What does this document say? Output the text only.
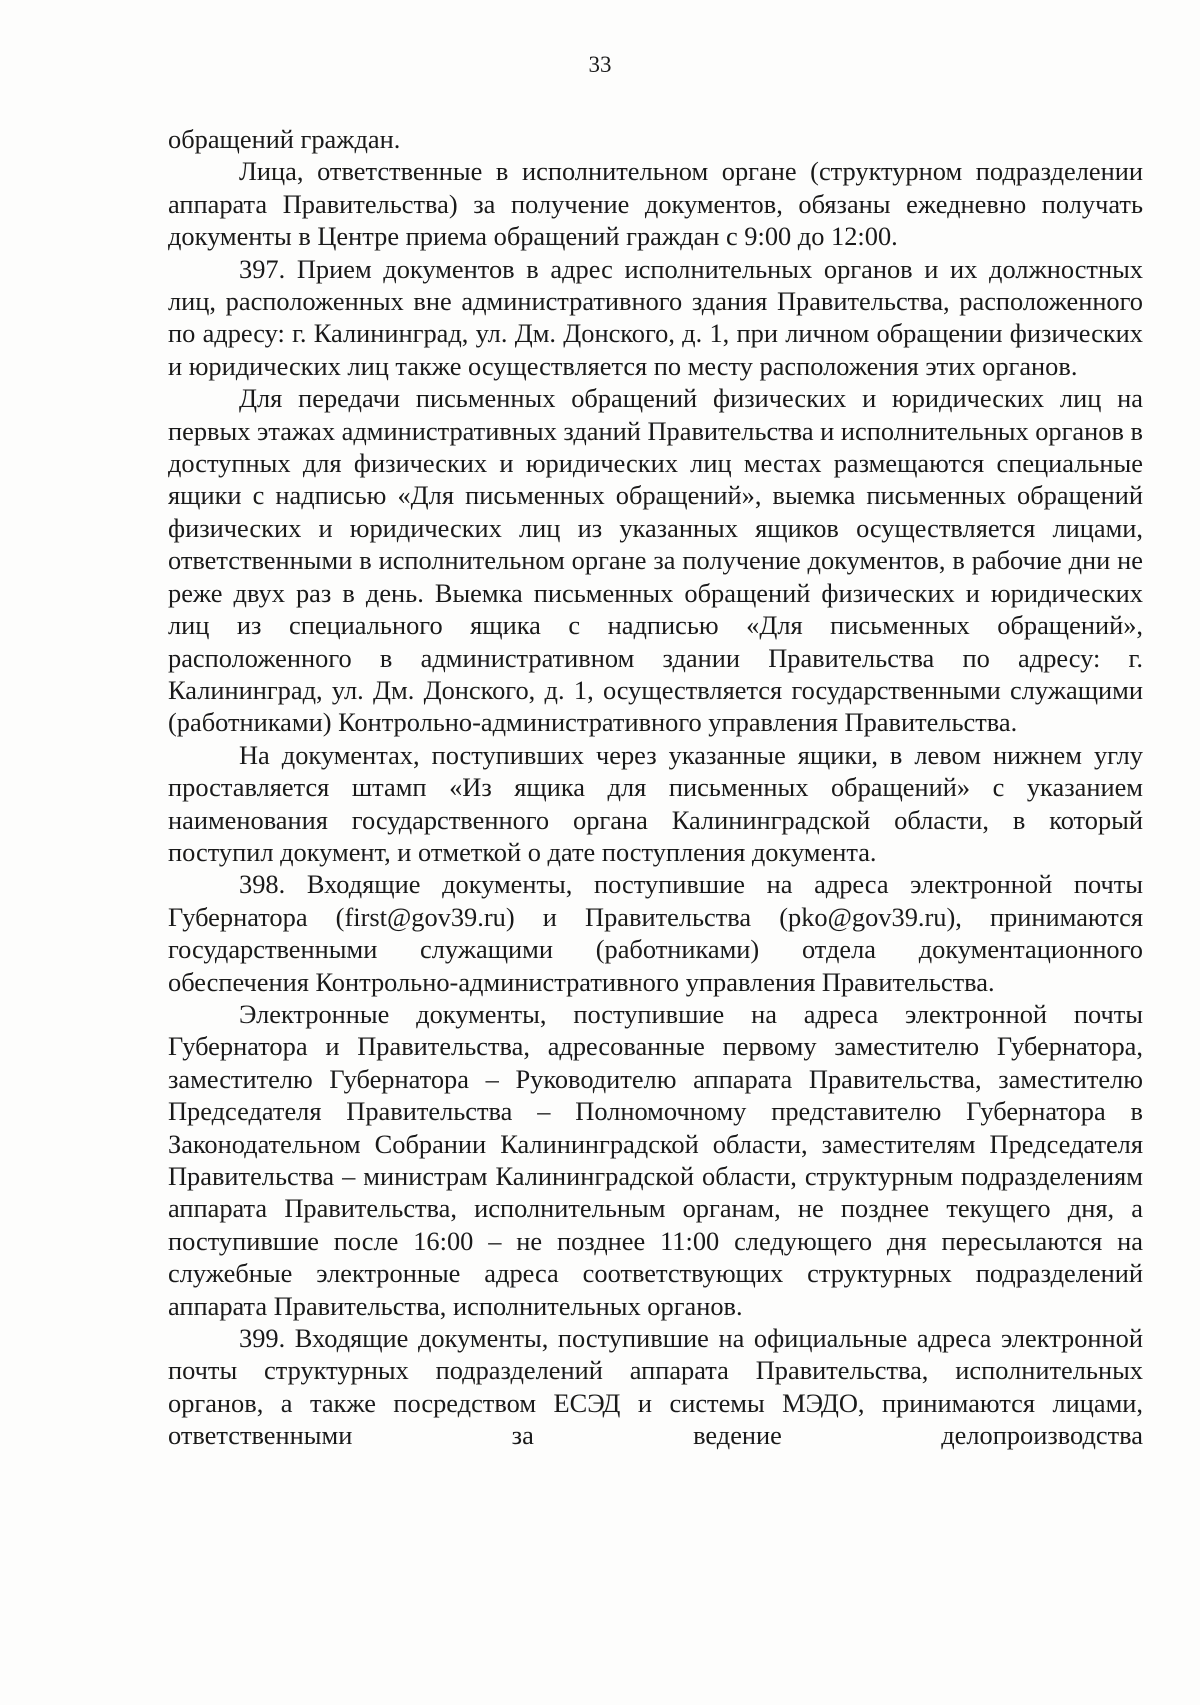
33

обращений граждан.

Лица, ответственные в исполнительном органе (структурном подразделении аппарата Правительства) за получение документов, обязаны ежедневно получать документы в Центре приема обращений граждан с 9:00 до 12:00.

397. Прием документов в адрес исполнительных органов и их должностных лиц, расположенных вне административного здания Правительства, расположенного по адресу: г. Калининград, ул. Дм. Донского, д. 1, при личном обращении физических и юридических лиц также осуществляется по месту расположения этих органов.

Для передачи письменных обращений физических и юридических лиц на первых этажах административных зданий Правительства и исполнительных органов в доступных для физических и юридических лиц местах размещаются специальные ящики с надписью «Для письменных обращений», выемка письменных обращений физических и юридических лиц из указанных ящиков осуществляется лицами, ответственными в исполнительном органе за получение документов, в рабочие дни не реже двух раз в день. Выемка письменных обращений физических и юридических лиц из специального ящика с надписью «Для письменных обращений», расположенного в административном здании Правительства по адресу: г. Калининград, ул. Дм. Донского, д. 1, осуществляется государственными служащими (работниками) Контрольно-административного управления Правительства.

На документах, поступивших через указанные ящики, в левом нижнем углу проставляется штамп «Из ящика для письменных обращений» с указанием наименования государственного органа Калининградской области, в который поступил документ, и отметкой о дате поступления документа.

398. Входящие документы, поступившие на адреса электронной почты Губернатора (first@gov39.ru) и Правительства (pko@gov39.ru), принимаются государственными служащими (работниками) отдела документационного обеспечения Контрольно-административного управления Правительства.

Электронные документы, поступившие на адреса электронной почты Губернатора и Правительства, адресованные первому заместителю Губернатора, заместителю Губернатора – Руководителю аппарата Правительства, заместителю Председателя Правительства – Полномочному представителю Губернатора в Законодательном Собрании Калининградской области, заместителям Председателя Правительства – министрам Калининградской области, структурным подразделениям аппарата Правительства, исполнительным органам, не позднее текущего дня, а поступившие после 16:00 – не позднее 11:00 следующего дня пересылаются на служебные электронные адреса соответствующих структурных подразделений аппарата Правительства, исполнительных органов.

399. Входящие документы, поступившие на официальные адреса электронной почты структурных подразделений аппарата Правительства, исполнительных органов, а также посредством ЕСЭД и системы МЭДО, принимаются лицами, ответственными за ведение делопроизводства
